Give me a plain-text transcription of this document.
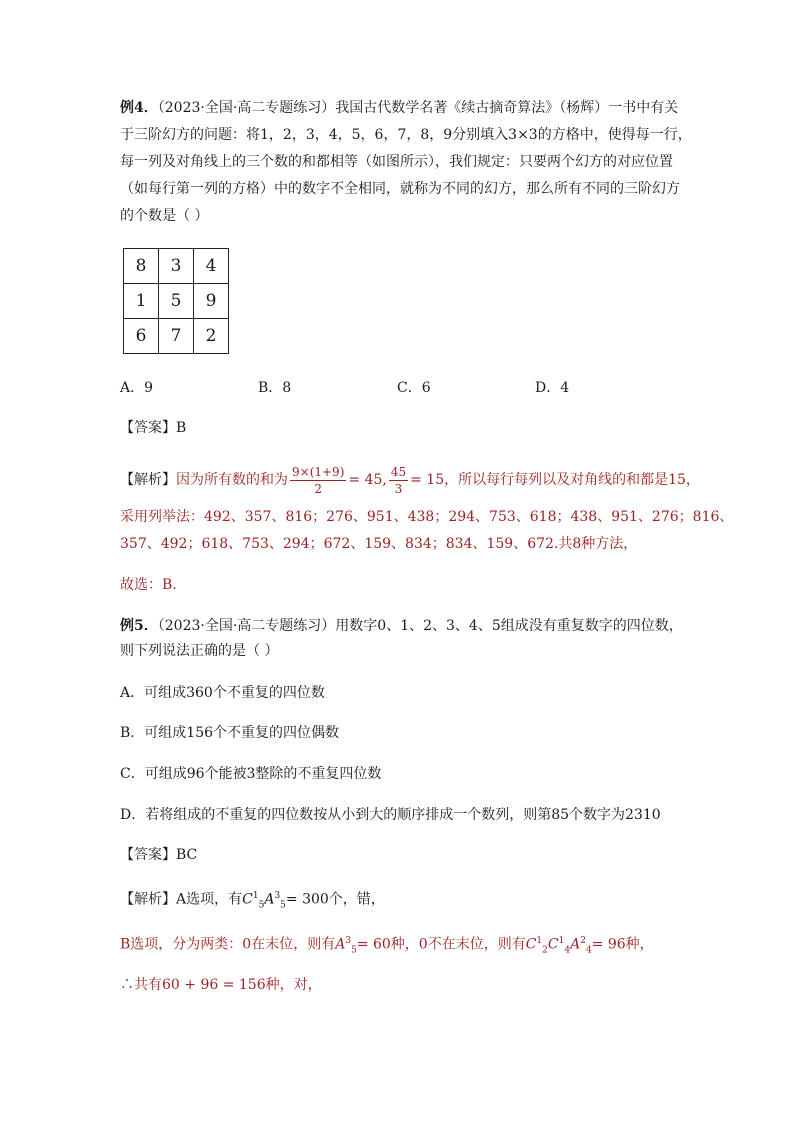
例4．（2023·全国·高二专题练习）我国古代数学名著《续古摘奇算法》（杨辉）一书中有关
于三阶幻方的问题：将1，2，3，4，5，6，7，8，9分别填入3×3的方格中，使得每一行，
每一列及对角线上的三个数的和都相等（如图所示），我们规定：只要两个幻方的对应位置
（如每行第一列的方格）中的数字不全相同，就称为不同的幻方，那么所有不同的三阶幻方
的个数是（ ）
8	3	4
1	5	9
6	7	2
A．9	B．8	C．6	D．4
【答案】B
【解析】因为所有数的和为 $\frac{9\times(1+9)}{2} = 45$, $\frac{45}{3} = 15$，所以每行每列以及对角线的和都是15，
采用列举法：492、357、816；276、951、438；294、753、618；438、951、276；816、
357、492；618、753、294；672、159、834；834、159、672.共8种方法，
故选：B.
例5．（2023·全国·高二专题练习）用数字0、1、2、3、4、5组成没有重复数字的四位数，
则下列说法正确的是（ ）
A．可组成360个不重复的四位数
B．可组成156个不重复的四位偶数
C．可组成96个能被3整除的不重复四位数
D．若将组成的不重复的四位数按从小到大的顺序排成一个数列，则第85个数字为2310
【答案】BC
【解析】A选项，有$C^1_5A^3_5= 300$个，错，
B选项，分为两类：0在末位，则有$A^3_5= 60$种，0不在末位，则有$C^1_2C^1_4A^2_4= 96$种，
∴共有60 + 96 = 156种，对，
